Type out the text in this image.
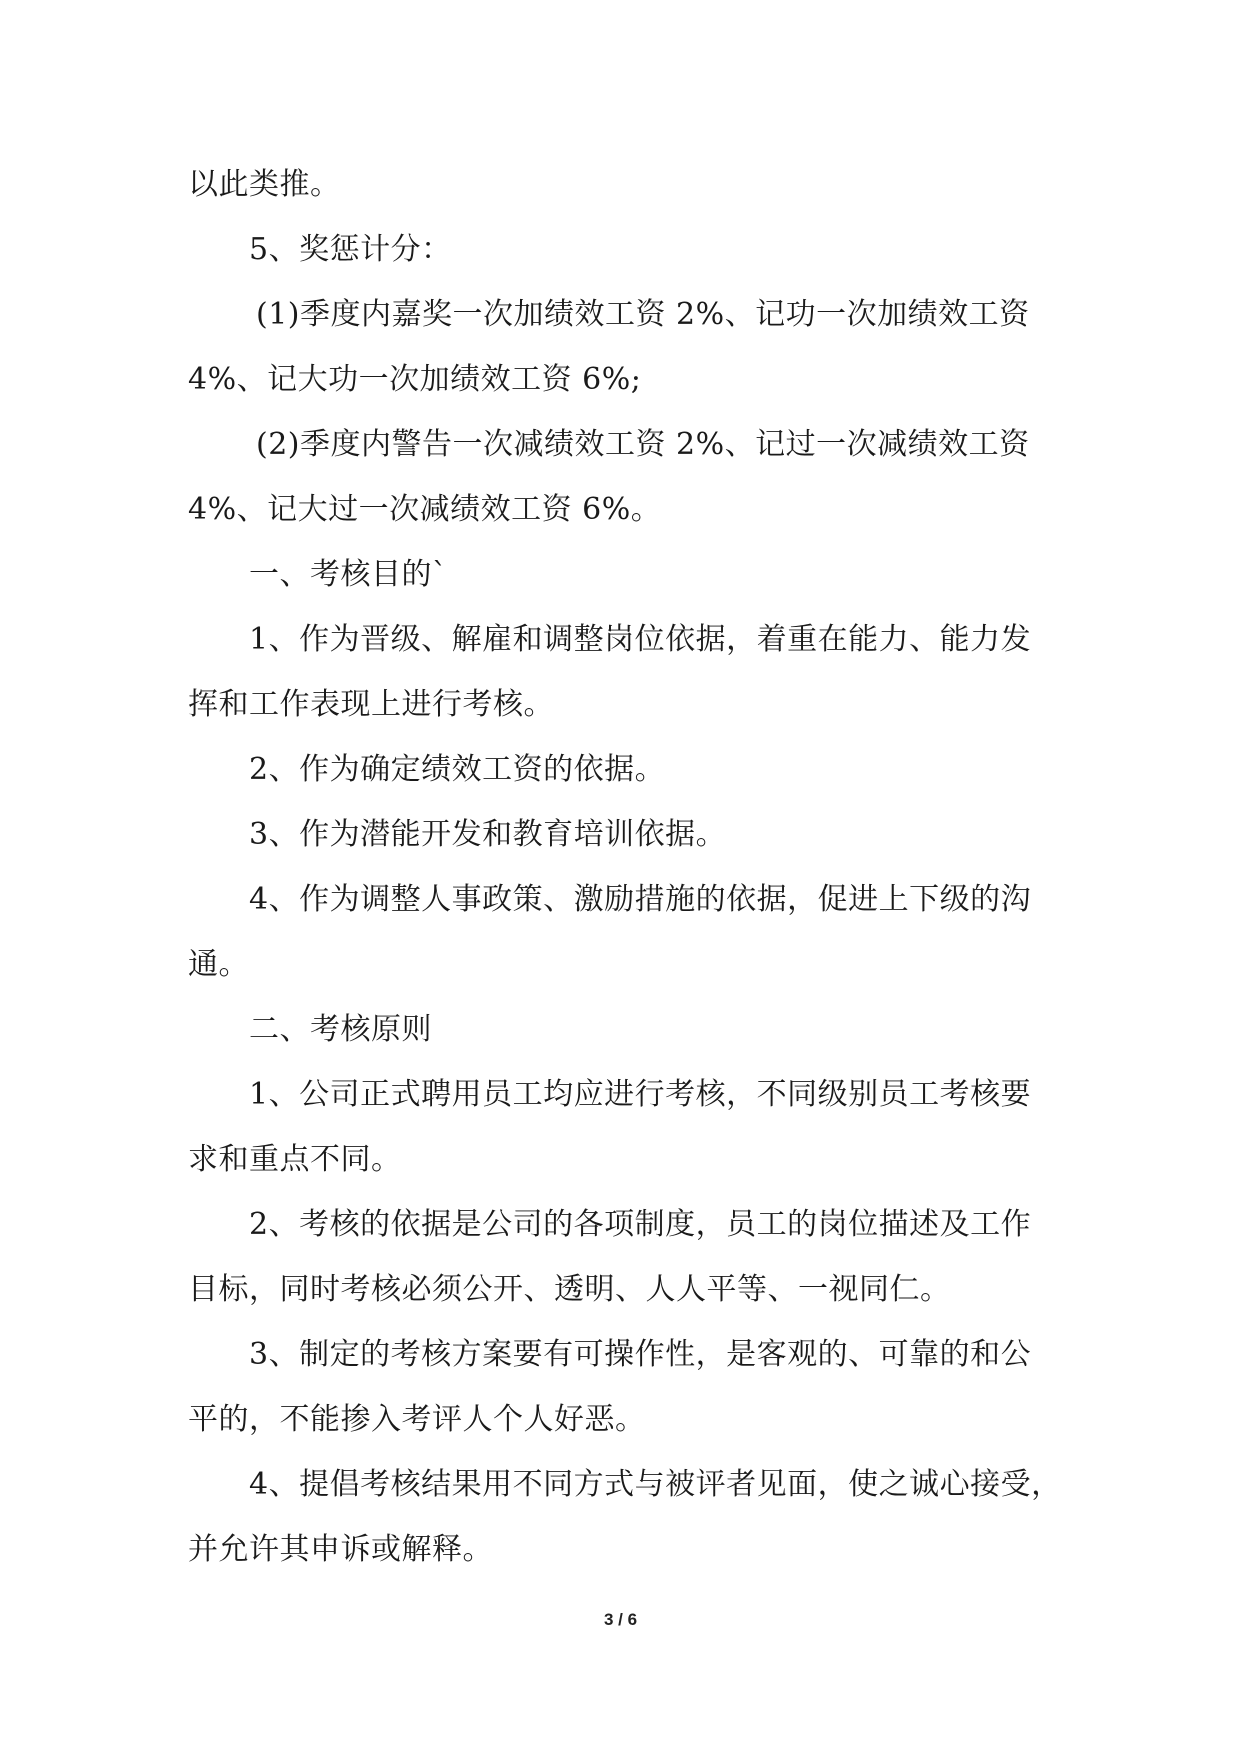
以此类推。
5、奖惩计分：
(1)季度内嘉奖一次加绩效工资 2%、记功一次加绩效工资
4%、记大功一次加绩效工资 6%;
(2)季度内警告一次减绩效工资 2%、记过一次减绩效工资
4%、记大过一次减绩效工资 6%。
一、考核目的`
1、作为晋级、解雇和调整岗位依据，着重在能力、能力发
挥和工作表现上进行考核。
2、作为确定绩效工资的依据。
3、作为潜能开发和教育培训依据。
4、作为调整人事政策、激励措施的依据，促进上下级的沟
通。
二、考核原则
1、公司正式聘用员工均应进行考核，不同级别员工考核要
求和重点不同。
2、考核的依据是公司的各项制度，员工的岗位描述及工作
目标，同时考核必须公开、透明、人人平等、一视同仁。
3、制定的考核方案要有可操作性，是客观的、可靠的和公
平的，不能掺入考评人个人好恶。
4、提倡考核结果用不同方式与被评者见面，使之诚心接受，
并允许其申诉或解释。
3 / 6
